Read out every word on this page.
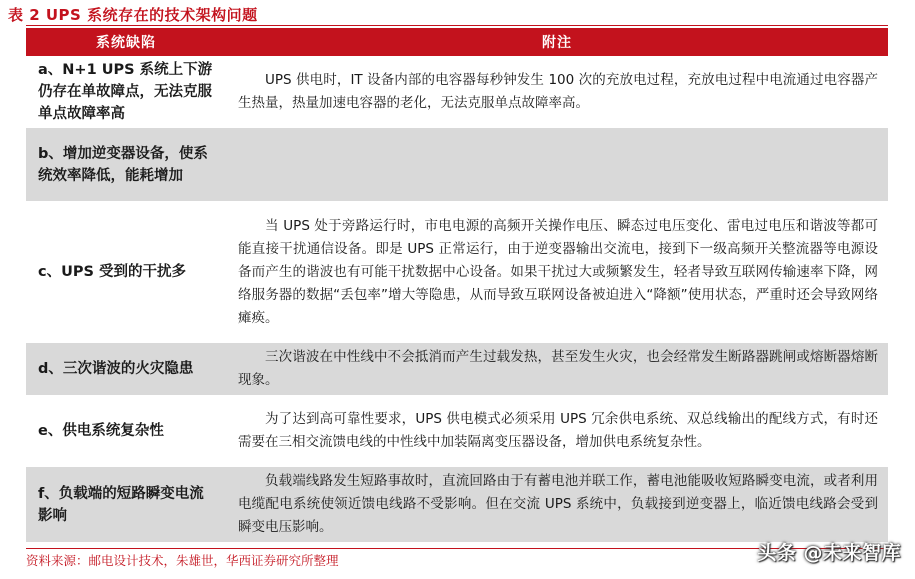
表 2 UPS 系统存在的技术架构问题
系统缺陷	附注
a、N+1 UPS 系统上下游仍存在单故障点，无法克服单点故障率高	UPS 供电时，IT 设备内部的电容器每秒钟发生 100 次的充放电过程，充放电过程中电流通过电容器产生热量，热量加速电容器的老化，无法克服单点故障率高。
b、增加逆变器设备，使系统效率降低，能耗增加	
c、UPS 受到的干扰多	当 UPS 处于旁路运行时，市电电源的高频开关操作电压、瞬态过电压变化、雷电过电压和谐波等都可能直接干扰通信设备。即是 UPS 正常运行，由于逆变器输出交流电，接到下一级高频开关整流器等电源设备而产生的谐波也有可能干扰数据中心设备。如果干扰过大或频繁发生，轻者导致互联网传输速率下降，网络服务器的数据“丢包率”增大等隐患，从而导致互联网设备被迫进入“降额”使用状态，严重时还会导致网络瘫痪。
d、三次谐波的火灾隐患	三次谐波在中性线中不会抵消而产生过载发热，甚至发生火灾，也会经常发生断路器跳闸或熔断器熔断现象。
e、供电系统复杂性	为了达到高可靠性要求，UPS 供电模式必须采用 UPS 冗余供电系统、双总线输出的配线方式，有时还需要在三相交流馈电线的中性线中加装隔离变压器设备，增加供电系统复杂性。
f、负载端的短路瞬变电流影响	负载端线路发生短路事故时，直流回路由于有蓄电池并联工作，蓄电池能吸收短路瞬变电流，或者利用电缆配电系统使领近馈电线路不受影响。但在交流 UPS 系统中，负载接到逆变器上，临近馈电线路会受到瞬变电压影响。
资料来源：邮电设计技术，朱雄世，华西证券研究所整理	头条 @未来智库
